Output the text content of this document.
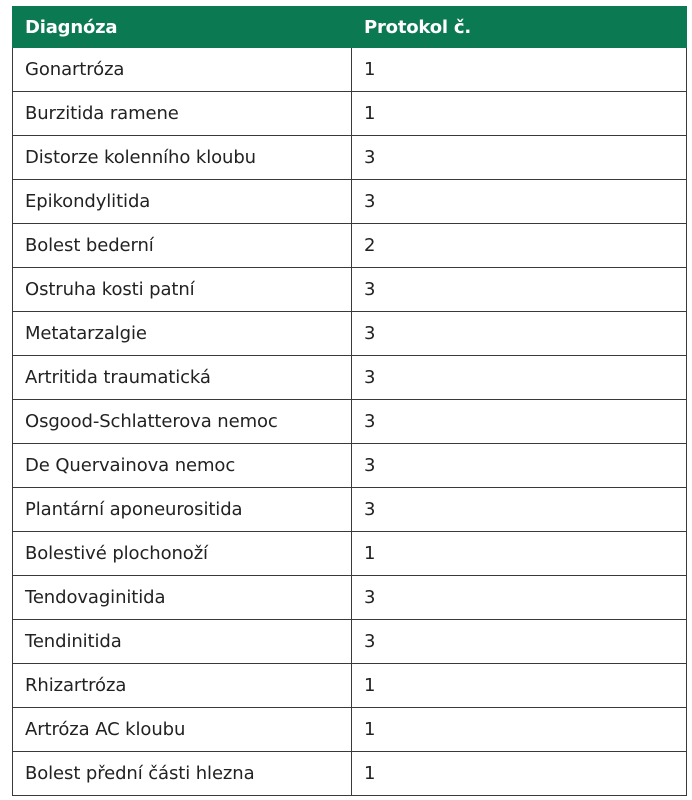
Diagnóza	Protokol č.
Gonartróza	1
Burzitida ramene	1
Distorze kolenního kloubu	3
Epikondylitida	3
Bolest bederní	2
Ostruha kosti patní	3
Metatarzalgie	3
Artritida traumatická	3
Osgood-Schlatterova nemoc	3
De Quervainova nemoc	3
Plantární aponeurositida	3
Bolestivé plochonoží	1
Tendovaginitida	3
Tendinitida	3
Rhizartróza	1
Artróza AC kloubu	1
Bolest přední části hlezna	1
